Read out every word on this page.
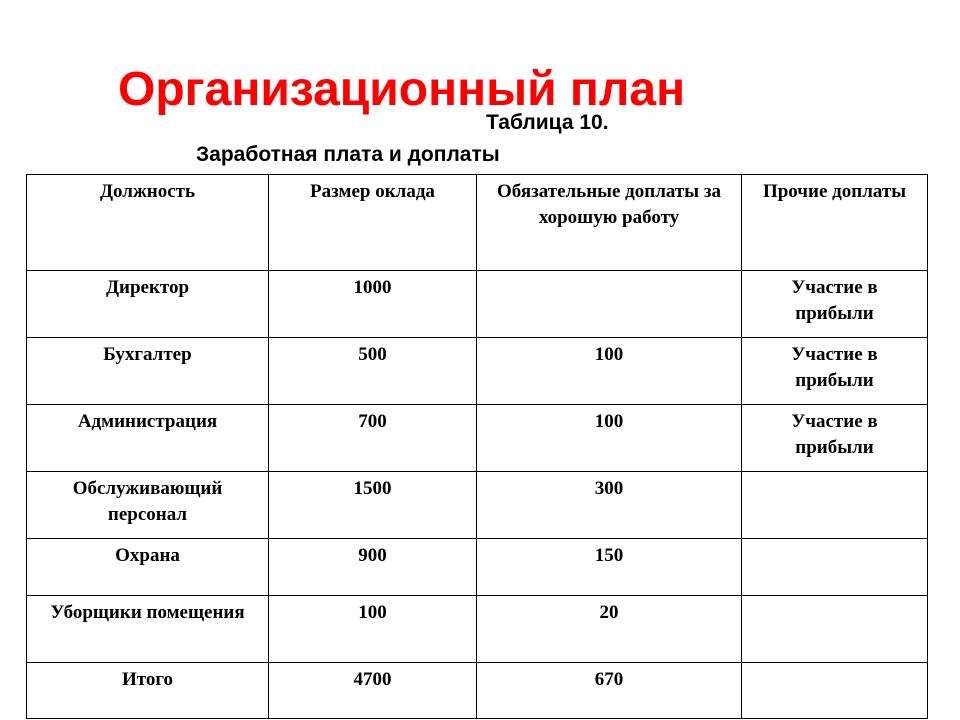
Организационный план
Таблица 10.
Заработная плата и доплаты
Должность	Размер оклада	Обязательные доплаты за хорошую работу	Прочие доплаты
Директор	1000		Участие в прибыли
Бухгалтер	500	100	Участие в прибыли
Администрация	700	100	Участие в прибыли
Обслуживающий персонал	1500	300	
Охрана	900	150	
Уборщики помещения	100	20	
Итого	4700	670	
